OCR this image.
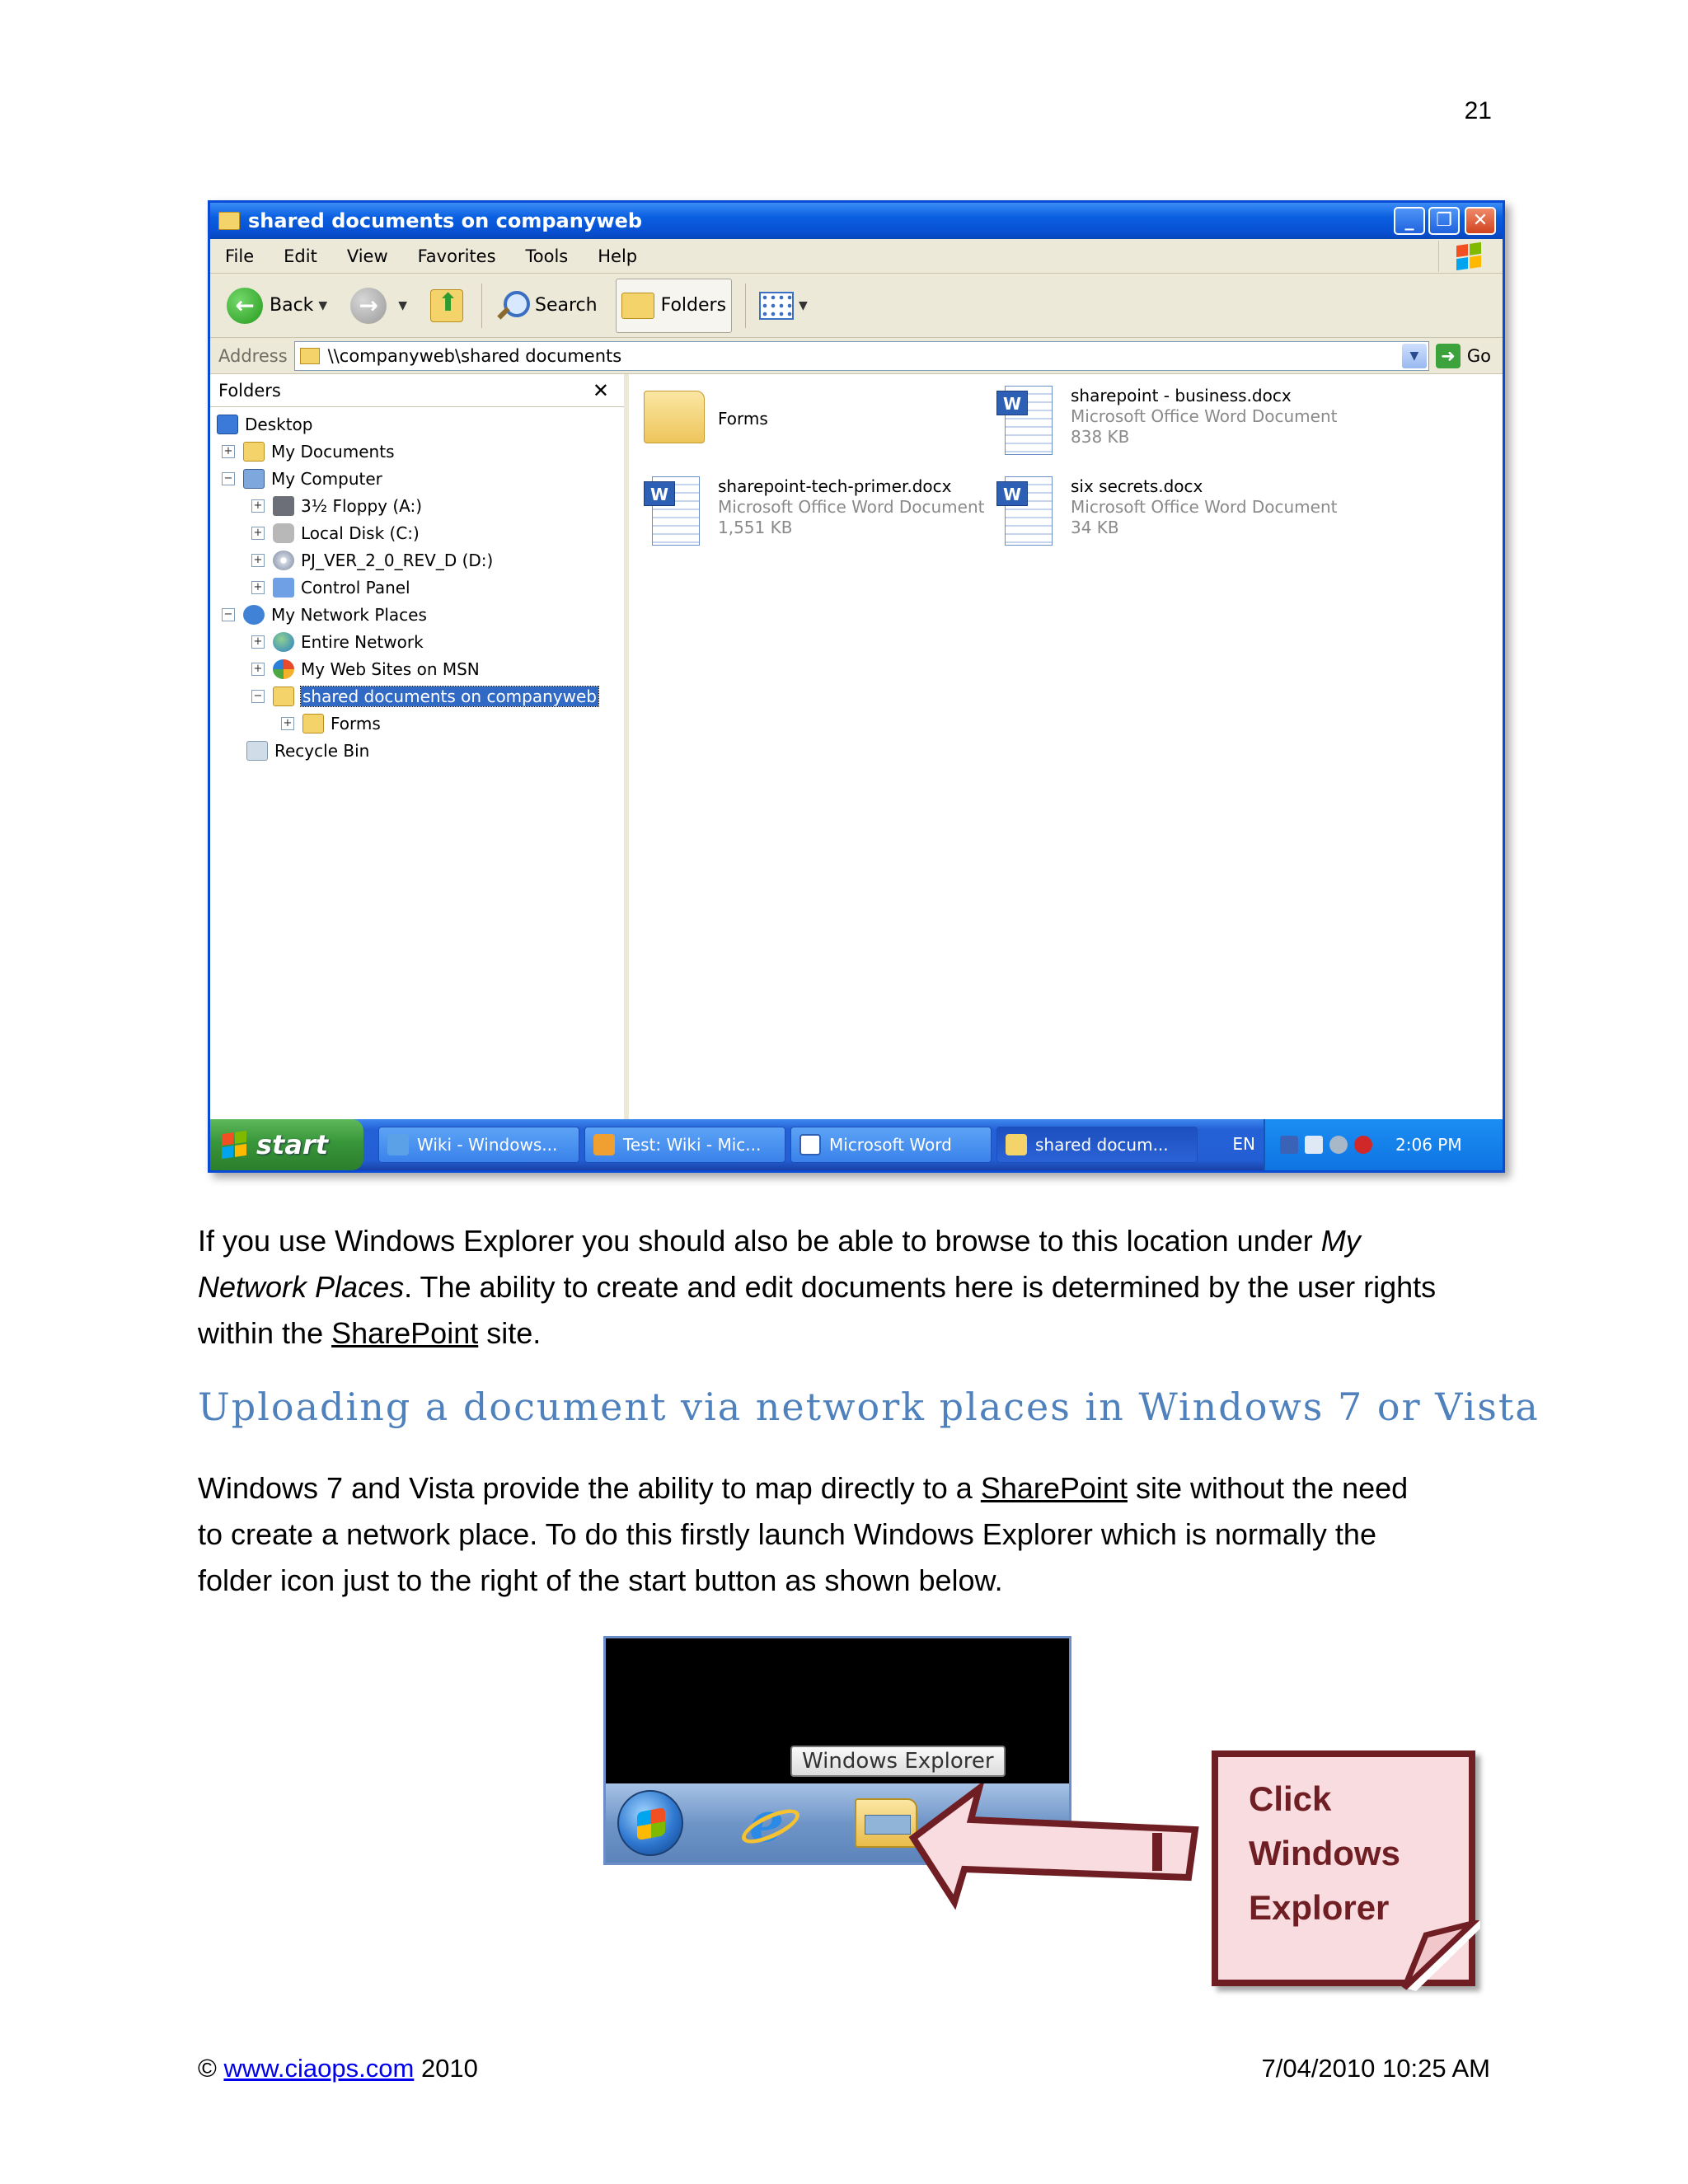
21
shared documents on companyweb	_	❐	✕
File	Edit	View	Favorites	Tools	Help
← Back ▼	→	▼
⬆	Search	Folders	▼
Address	\\companyweb\shared documents	▼	➜ Go
Folders	✕
Desktop
+ My Documents
− My Computer
+ 3½ Floppy (A:)
+ Local Disk (C:)
+ PJ_VER_2_0_REV_D (D:)
+ Control Panel
− My Network Places
+ Entire Network
+ My Web Sites on MSN
− shared documents on companyweb
+ Forms
Recycle Bin
Forms
W	sharepoint - business.docx
Microsoft Office Word Document
838 KB
W	sharepoint-tech-primer.docx
Microsoft Office Word Document
1,551 KB
W	six secrets.docx
Microsoft Office Word Document
34 KB
start	Wiki - Windows...	Test: Wiki - Mic...	Microsoft Word	shared docum...	EN	2:06 PM
If you use Windows Explorer you should also be able to browse to this location under My
Network Places. The ability to create and edit documents here is determined by the user rights
within the SharePoint site.
Uploading a document via network places in Windows 7 or Vista
Windows 7 and Vista provide the ability to map directly to a SharePoint site without the need
to create a network place. To do this firstly launch Windows Explorer which is normally the
folder icon just to the right of the start button as shown below.
Windows Explorer
e	Click
Windows
Explorer
© www.ciaops.com 2010	7/04/2010 10:25 AM
